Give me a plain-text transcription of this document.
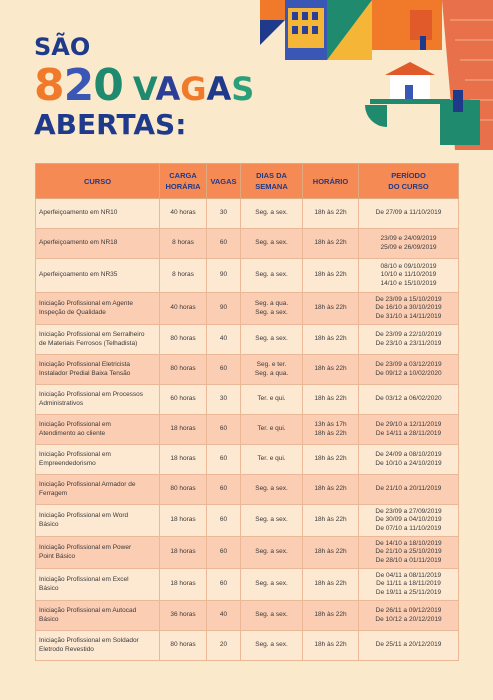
SÃO
8 2 0 VAGAS
ABERTAS:
CURSO	CARGA
HORÁRIA	VAGAS	DIAS DA
SEMANA	HORÁRIO	PERÍODO
DO CURSO
Aperfeiçoamento em NR10	40 horas	30	Seg. a sex.	18h às 22h	De 27/09 a 11/10/2019
Aperfeiçoamento em NR18	8 horas	60	Seg. a sex.	18h às 22h	23/09 e 24/09/2019
25/09 e 26/09/2019
Aperfeiçoamento em NR35	8 horas	90	Seg. a sex.	18h às 22h	08/10 e 09/10/2019
10/10 e 11/10/2019
14/10 e 15/10/2019
Iniciação Profissional em Agente
Inspeção de Qualidade	40 horas	90	Seg. a qua.
Seg. a sex.	18h às 22h	De 23/09 a 15/10/2019
De 16/10 a 30/10/2019
De 31/10 a 14/11/2019
Iniciação Profissional em Serralheiro
de Materiais Ferrosos (Telhadista)	80 horas	40	Seg. a sex.	18h às 22h	De 23/09 a 22/10/2019
De 23/10 a 23/11/2019
Iniciação Profissional Eletricista
Instalador Predial Baixa Tensão	80 horas	60	Seg. e ter.
Seg. a qua.	18h às 22h	De 23/09 a 03/12/2019
De 09/12 a 10/02/2020
Iniciação Profissional em Processos
Administrativos	60 horas	30	Ter. e qui.	18h às 22h	De 03/12 a 06/02/2020
Iniciação Profissional em
Atendimento ao cliente	18 horas	60	Ter. e qui.	13h às 17h
18h às 22h	De 29/10 a 12/11/2019
De 14/11 a 28/11/2019
Iniciação Profissional em
Empreendedorismo	18 horas	60	Ter. e qui.	18h às 22h	De 24/09 a 08/10/2019
De 10/10 a 24/10/2019
Iniciação Profissional Armador de
Ferragem	80 horas	60	Seg. a sex.	18h às 22h	De 21/10 a 20/11/2019
Iniciação Profissional em Word
Básico	18 horas	60	Seg. a sex.	18h às 22h	De 23/09 a 27/09/2019
De 30/09 a 04/10/2019
De 07/10 a 11/10/2019
Iniciação Profissional em Power
Point Básico	18 horas	60	Seg. a sex.	18h às 22h	De 14/10 a 18/10/2019
De 21/10 a 25/10/2019
De 28/10 a 01/11/2019
Iniciação Profissional em Excel
Básico	18 horas	60	Seg. a sex.	18h às 22h	De 04/11 a 08/11/2019
De 11/11 a 18/11/2019
De 19/11 a 25/11/2019
Iniciação Profissional em Autocad
Básico	36 horas	40	Seg. a sex.	18h às 22h	De 26/11 a 09/12/2019
De 10/12 a 20/12/2019
Iniciação Profissional em Soldador
Eletrodo Revestido	80 horas	20	Seg. a sex.	18h às 22h	De 25/11 a 20/12/2019
